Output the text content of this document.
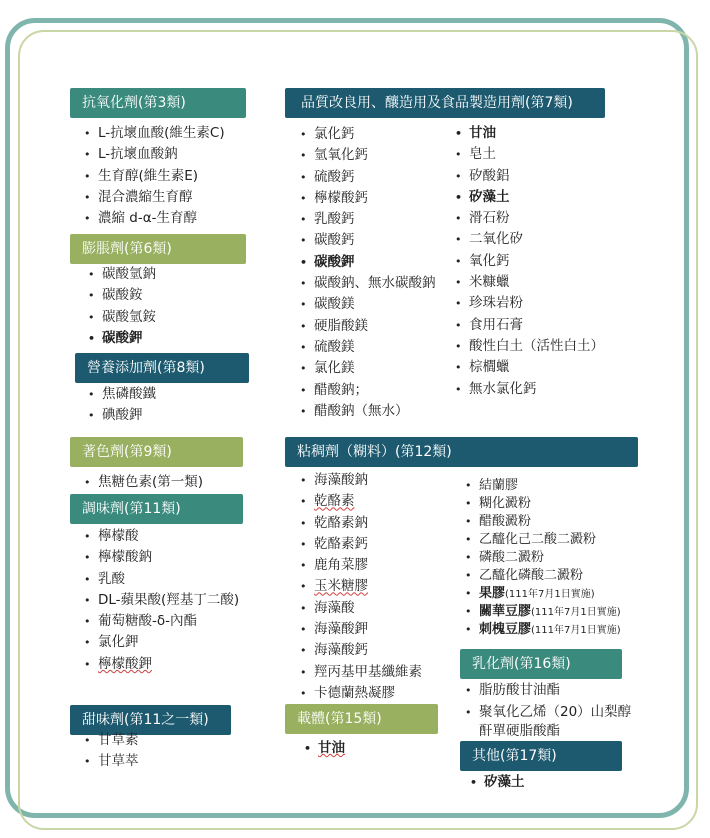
抗氧化劑(第3類)
• L-抗壞血酸(維生素C)
• L-抗壞血酸鈉
• 生育醇(維生素E)
• 混合濃縮生育醇
• 濃縮 d-α-生育醇
膨脹劑(第6類)
• 碳酸氫鈉
• 碳酸銨
• 碳酸氫銨
• 碳酸鉀
營養添加劑(第8類)
• 焦磷酸鐵
• 碘酸鉀
品質改良用、釀造用及食品製造用劑(第7類)
• 氯化鈣
• 氫氧化鈣
• 硫酸鈣
• 檸檬酸鈣
• 乳酸鈣
• 碳酸鈣
• 碳酸鉀
• 碳酸鈉、無水碳酸鈉
• 碳酸鎂
• 硬脂酸鎂
• 硫酸鎂
• 氯化鎂
• 醋酸鈉；
• 醋酸鈉（無水）
• 甘油
• 皂土
• 矽酸鋁
• 矽藻土
• 滑石粉
• 二氧化矽
• 氧化鈣
• 米糠蠟
• 珍珠岩粉
• 食用石膏
• 酸性白土（活性白土）
• 棕櫚蠟
• 無水氯化鈣
著色劑(第9類)
• 焦糖色素(第一類)
調味劑(第11類)
• 檸檬酸
• 檸檬酸鈉
• 乳酸
• DL-蘋果酸(羥基丁二酸)
• 葡萄糖酸-δ-內酯
• 氯化鉀
• 檸檬酸鉀
甜味劑(第11之一類)
• 甘草素
• 甘草萃
粘稠劑（糊料）(第12類)
• 海藻酸鈉
• 乾酪素
• 乾酪素鈉
• 乾酪素鈣
• 鹿角菜膠
• 玉米糖膠
• 海藻酸
• 海藻酸鉀
• 海藻酸鈣
• 羥丙基甲基纖維素
• 卡德蘭熱凝膠
• 結蘭膠
• 糊化澱粉
• 醋酸澱粉
• 乙醯化己二酸二澱粉
• 磷酸二澱粉
• 乙醯化磷酸二澱粉
• 果膠(111年7月1日實施)
• 關華豆膠(111年7月1日實施)
• 刺槐豆膠(111年7月1日實施)
載體(第15類)
• 甘油
乳化劑(第16類)
• 脂肪酸甘油酯
• 聚氧化乙烯（20）山梨醇酐單硬脂酸酯
其他(第17類)
• 矽藻土
